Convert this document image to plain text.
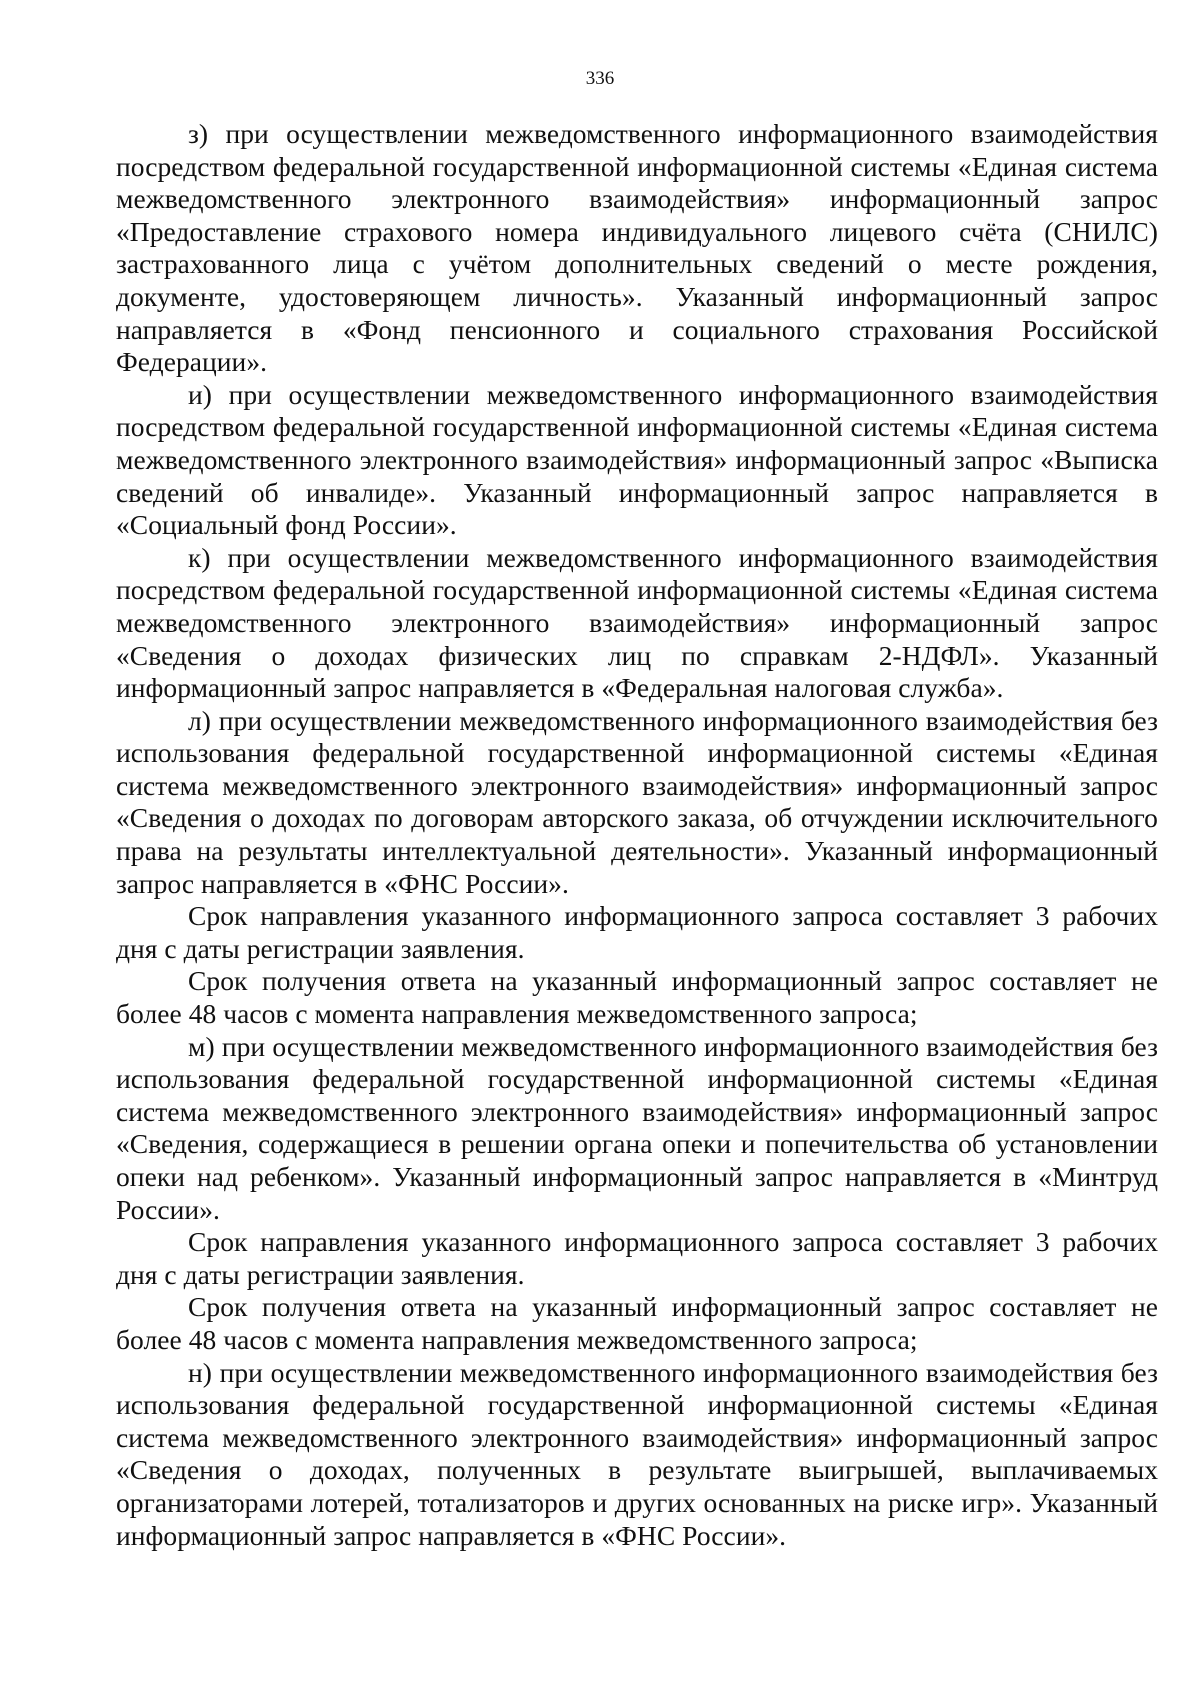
336

з) при осуществлении межведомственного информационного взаимодействия посредством федеральной государственной информационной системы «Единая система межведомственного электронного взаимодействия» информационный запрос «Предоставление страхового номера индивидуального лицевого счёта (СНИЛС) застрахованного лица с учётом дополнительных сведений о месте рождения, документе, удостоверяющем личность». Указанный информационный запрос направляется в «Фонд пенсионного и социального страхования Российской Федерации».

и) при осуществлении межведомственного информационного взаимодействия посредством федеральной государственной информационной системы «Единая система межведомственного электронного взаимодействия» информационный запрос «Выписка сведений об инвалиде». Указанный информационный запрос направляется в «Социальный фонд России».

к) при осуществлении межведомственного информационного взаимодействия посредством федеральной государственной информационной системы «Единая система межведомственного электронного взаимодействия» информационный запрос «Сведения о доходах физических лиц по справкам 2-НДФЛ». Указанный информационный запрос направляется в «Федеральная налоговая служба».

л) при осуществлении межведомственного информационного взаимодействия без использования федеральной государственной информационной системы «Единая система межведомственного электронного взаимодействия» информационный запрос «Сведения о доходах по договорам авторского заказа, об отчуждении исключительного права на результаты интеллектуальной деятельности». Указанный информационный запрос направляется в «ФНС России».

Срок направления указанного информационного запроса составляет 3 рабочих дня с даты регистрации заявления.

Срок получения ответа на указанный информационный запрос составляет не более 48 часов с момента направления межведомственного запроса;

м) при осуществлении межведомственного информационного взаимодействия без использования федеральной государственной информационной системы «Единая система межведомственного электронного взаимодействия» информационный запрос «Сведения, содержащиеся в решении органа опеки и попечительства об установлении опеки над ребенком». Указанный информационный запрос направляется в «Минтруд России».

Срок направления указанного информационного запроса составляет 3 рабочих дня с даты регистрации заявления.

Срок получения ответа на указанный информационный запрос составляет не более 48 часов с момента направления межведомственного запроса;

н) при осуществлении межведомственного информационного взаимодействия без использования федеральной государственной информационной системы «Единая система межведомственного электронного взаимодействия» информационный запрос «Сведения о доходах, полученных в результате выигрышей, выплачиваемых организаторами лотерей, тотализаторов и других основанных на риске игр». Указанный информационный запрос направляется в «ФНС России».
